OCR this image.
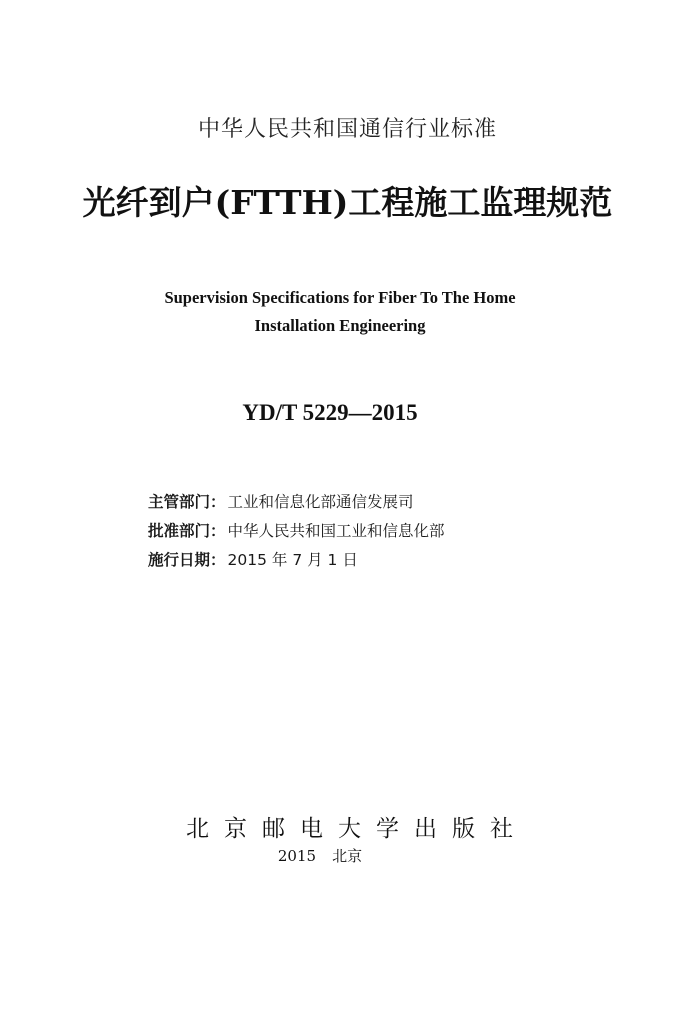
中华人民共和国通信行业标准
光纤到户(FTTH)工程施工监理规范
Supervision Specifications for Fiber To The Home
Installation Engineering
YD/T 5229—2015
主管部门： 工业和信息化部通信发展司
批准部门： 中华人民共和国工业和信息化部
施行日期： 2015 年 7 月 1 日
北京邮电大学出版社
2015 北京
